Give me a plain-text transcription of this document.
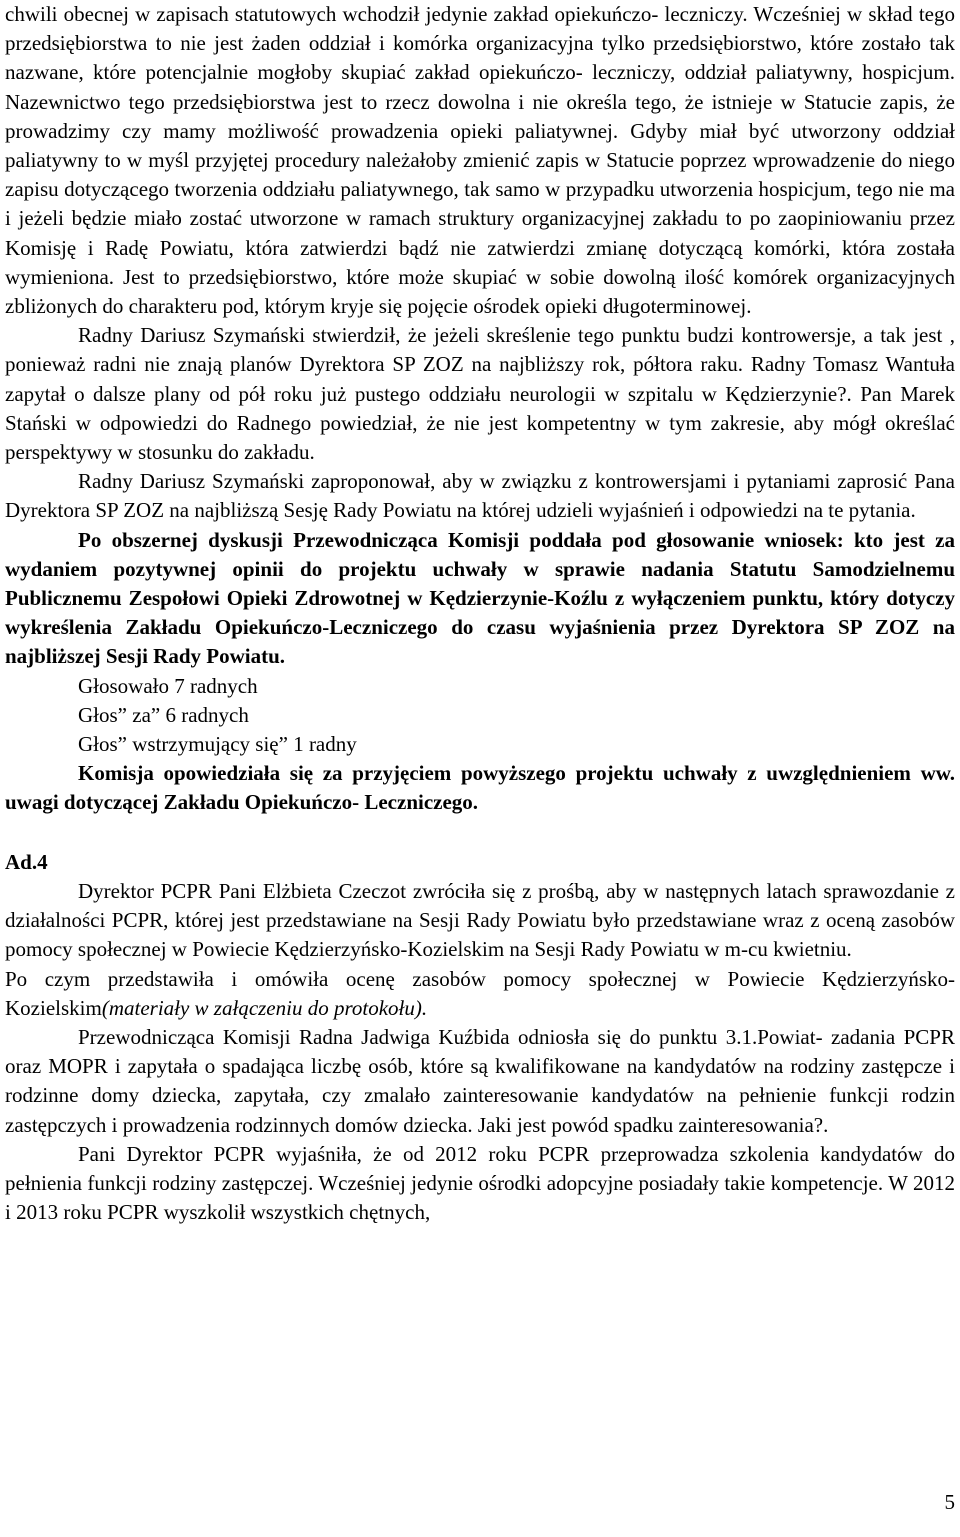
chwili obecnej w zapisach statutowych wchodził jedynie zakład opiekuńczo- leczniczy. Wcześniej w skład tego przedsiębiorstwa to nie jest żaden oddział i komórka organizacyjna tylko przedsiębiorstwo, które zostało tak nazwane, które potencjalnie mogłoby skupiać zakład opiekuńczo- leczniczy, oddział paliatywny, hospicjum. Nazewnictwo tego przedsiębiorstwa jest to rzecz dowolna i nie określa tego, że istnieje w Statucie zapis, że prowadzimy czy mamy możliwość prowadzenia opieki paliatywnej. Gdyby miał być utworzony oddział paliatywny to w myśl przyjętej procedury należałoby zmienić zapis w Statucie poprzez wprowadzenie do niego zapisu dotyczącego tworzenia oddziału paliatywnego, tak samo w przypadku utworzenia hospicjum, tego nie ma i jeżeli będzie miało zostać utworzone w ramach struktury organizacyjnej zakładu to po zaopiniowaniu przez Komisję i Radę Powiatu, która zatwierdzi bądź nie zatwierdzi zmianę dotyczącą komórki, która została wymieniona. Jest to przedsiębiorstwo, które może skupiać w sobie dowolną ilość komórek organizacyjnych zbliżonych do charakteru pod, którym kryje się pojęcie ośrodek opieki długoterminowej.

Radny Dariusz Szymański stwierdził, że jeżeli skreślenie tego punktu budzi kontrowersje, a tak jest , ponieważ radni nie znają planów Dyrektora SP ZOZ na najbliższy rok, półtora raku. Radny Tomasz Wantuła zapytał o dalsze plany od pół roku już pustego oddziału neurologii w szpitalu w Kędzierzynie?. Pan Marek Stański w odpowiedzi do Radnego powiedział, że nie jest kompetentny w tym zakresie, aby mógł określać perspektywy w stosunku do zakładu.

Radny Dariusz Szymański zaproponował, aby w związku z kontrowersjami i pytaniami zaprosić Pana Dyrektora SP ZOZ na najbliższą Sesję Rady Powiatu na której udzieli wyjaśnień i odpowiedzi na te pytania.

Po obszernej dyskusji Przewodnicząca Komisji poddała pod głosowanie wniosek: kto jest za wydaniem pozytywnej opinii do projektu uchwały w sprawie nadania Statutu Samodzielnemu Publicznemu Zespołowi Opieki Zdrowotnej w Kędzierzynie-Koźlu z wyłączeniem punktu, który dotyczy wykreślenia Zakładu Opiekuńczo-Leczniczego do czasu wyjaśnienia przez Dyrektora SP ZOZ na najbliższej Sesji Rady Powiatu.

Głosowało 7 radnych

Głos” za” 6 radnych

Głos” wstrzymujący się” 1 radny

Komisja opowiedziała się za przyjęciem powyższego projektu uchwały z uwzględnieniem ww. uwagi dotyczącej Zakładu Opiekuńczo- Leczniczego.

Ad.4

Dyrektor PCPR Pani Elżbieta Czeczot zwróciła się z prośbą, aby w następnych latach sprawozdanie z działalności PCPR, której jest przedstawiane na Sesji Rady Powiatu było przedstawiane wraz z oceną zasobów pomocy społecznej w Powiecie Kędzierzyńsko-Kozielskim na Sesji Rady Powiatu w m-cu kwietniu.

Po czym przedstawiła i omówiła ocenę zasobów pomocy społecznej w Powiecie Kędzierzyńsko-Kozielskim(materiały w załączeniu do protokołu).

Przewodnicząca Komisji Radna Jadwiga Kuźbida odniosła się do punktu 3.1.Powiat- zadania PCPR oraz MOPR i zapytała o spadająca liczbę osób, które są kwalifikowane na kandydatów na rodziny zastępcze i rodzinne domy dziecka, zapytała, czy zmalało zainteresowanie kandydatów na pełnienie funkcji rodzin zastępczych i prowadzenia rodzinnych domów dziecka. Jaki jest powód spadku zainteresowania?.

Pani Dyrektor PCPR wyjaśniła, że od 2012 roku PCPR przeprowadza szkolenia kandydatów do pełnienia funkcji rodziny zastępczej. Wcześniej jedynie ośrodki adopcyjne posiadały takie kompetencje. W 2012 i 2013 roku PCPR wyszkolił wszystkich chętnych,

5
